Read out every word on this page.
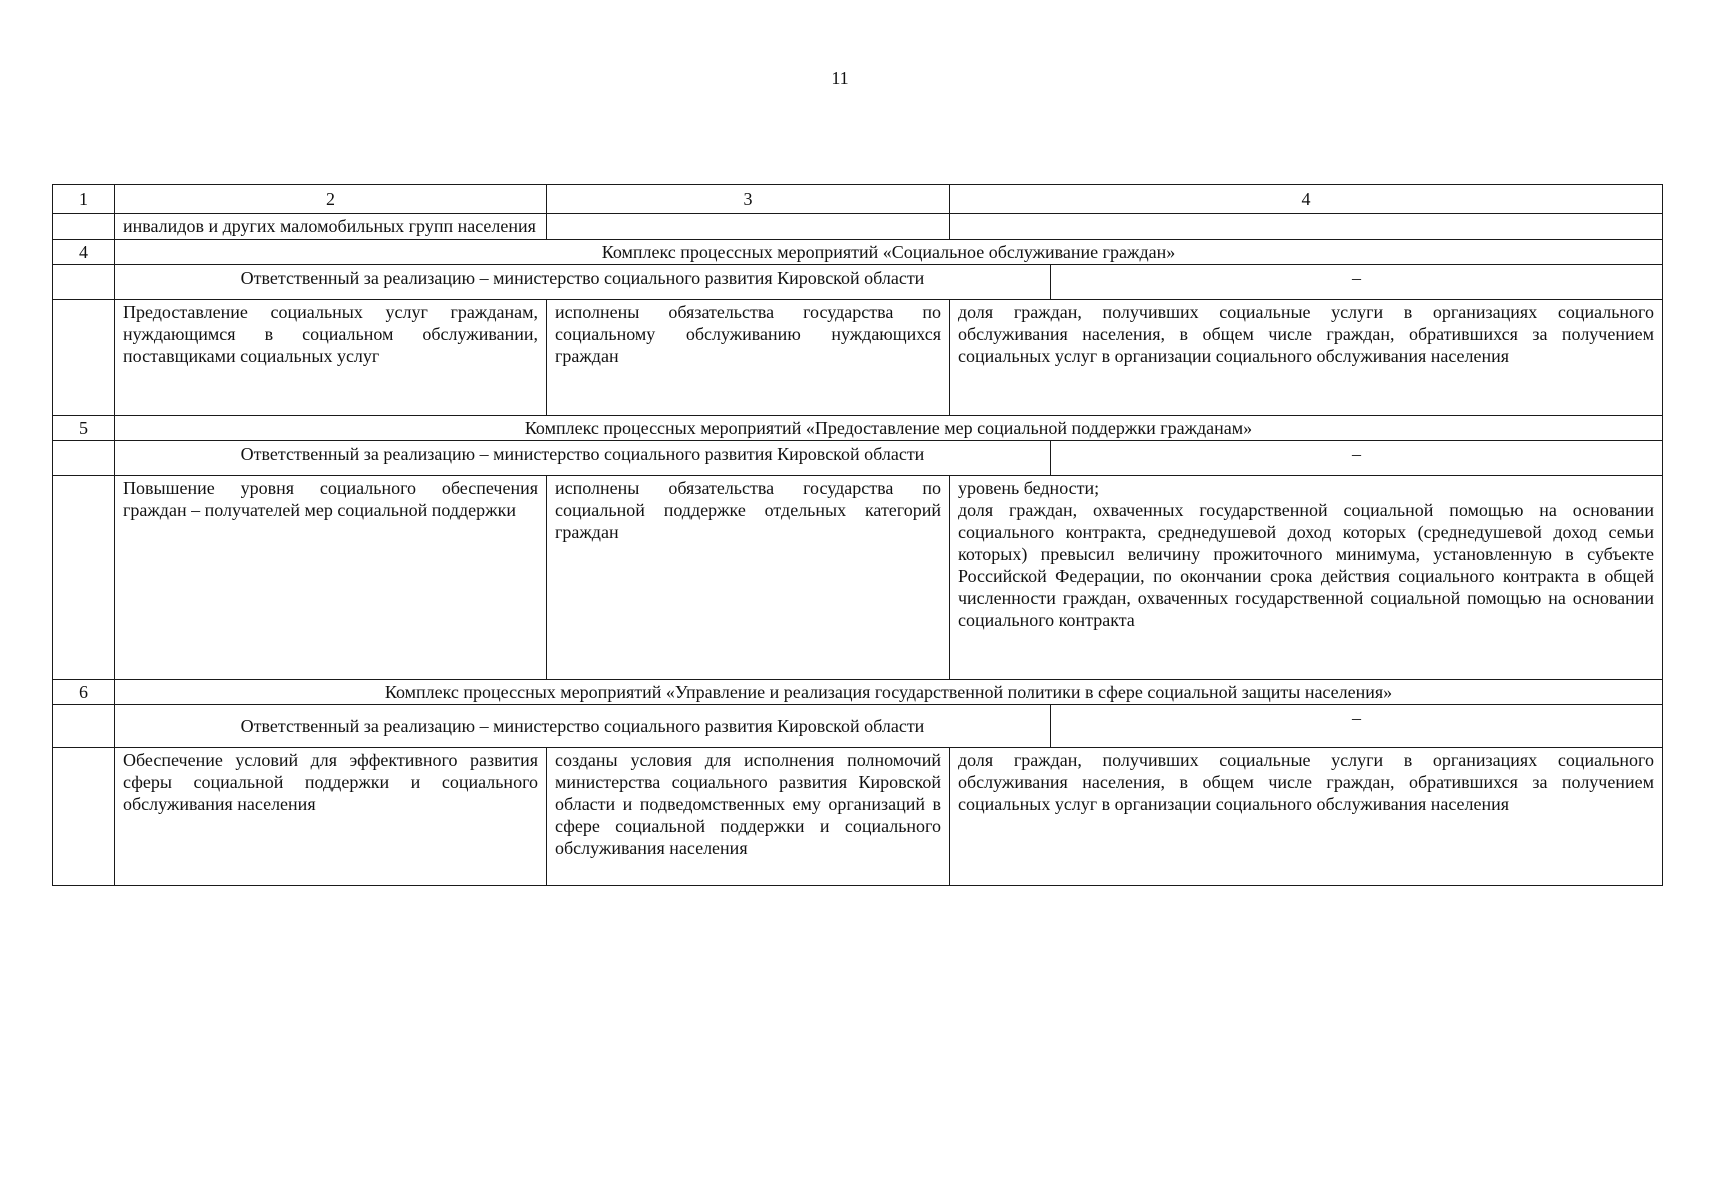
11
1	2	3	4	
	инвалидов и других маломобильных групп населения			
4	Комплекс процессных мероприятий «Социальное обслуживание граждан»			
	Ответственный за реализацию – министерство социального развития Кировской области			–
	Предоставление социальных услуг гражданам, нуждающимся в социальном обслуживании, поставщиками социальных услуг	исполнены обязательства государства по социальному обслуживанию нуждающихся граждан	доля граждан, получивших социальные услуги в организациях социального обслуживания населения, в общем числе граждан, обратившихся за получением социальных услуг в организации социального обслуживания населения	

5	Комплекс процессных мероприятий «Предоставление мер социальной поддержки гражданам»			
	Ответственный за реализацию – министерство социального развития Кировской области			–
	Повышение уровня социального обеспечения граждан – получателей мер социальной поддержки	исполнены обязательства государства по социальной поддержке отдельных категорий граждан	уровень бедности;
доля граждан, охваченных государственной социальной помощью на основании социального контракта, среднедушевой доход которых (среднедушевой доход семьи которых) превысил величину прожиточного минимума, установленную в субъекте Российской Федерации, по окончании срока действия социального контракта в общей численности граждан, охваченных государственной социальной помощью на основании социального контракта	

6	Комплекс процессных мероприятий «Управление и реализация государственной политики в сфере социальной защиты населения»			
	Ответственный за реализацию – министерство социального развития Кировской области			–
	Обеспечение условий для эффективного развития сферы социальной поддержки и социального обслуживания населения	созданы условия для исполнения полномочий министерства социального развития Кировской области и подведомственных ему организаций в сфере социальной поддержки и социального обслуживания населения	доля граждан, получивших социальные услуги в организациях социального обслуживания населения, в общем числе граждан, обратившихся за получением социальных услуг в организации социального обслуживания населения	
